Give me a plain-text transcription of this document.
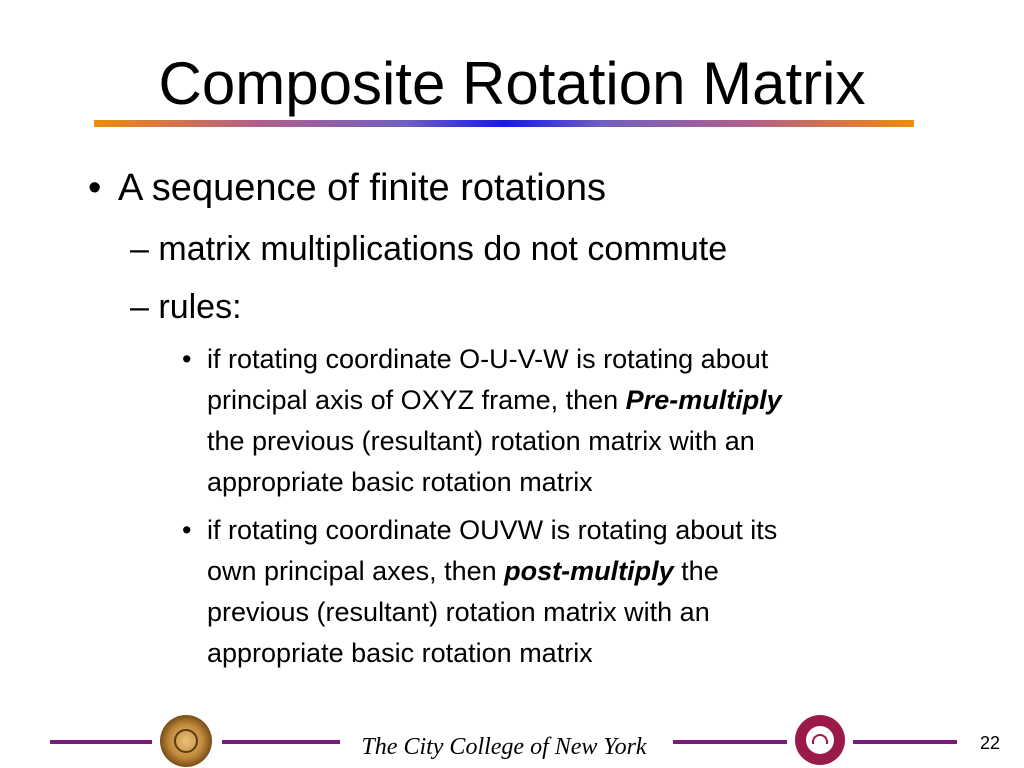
Composite Rotation Matrix
• A sequence of finite rotations
– matrix multiplications do not commute
– rules:
• if rotating coordinate O-U-V-W is rotating about
principal axis of OXYZ frame, then Pre-multiply
the previous (resultant) rotation matrix with an
appropriate basic rotation matrix
• if rotating coordinate OUVW is rotating about its
own principal axes, then post-multiply the
previous (resultant) rotation matrix with an
appropriate basic rotation matrix
The City College of New York	22
